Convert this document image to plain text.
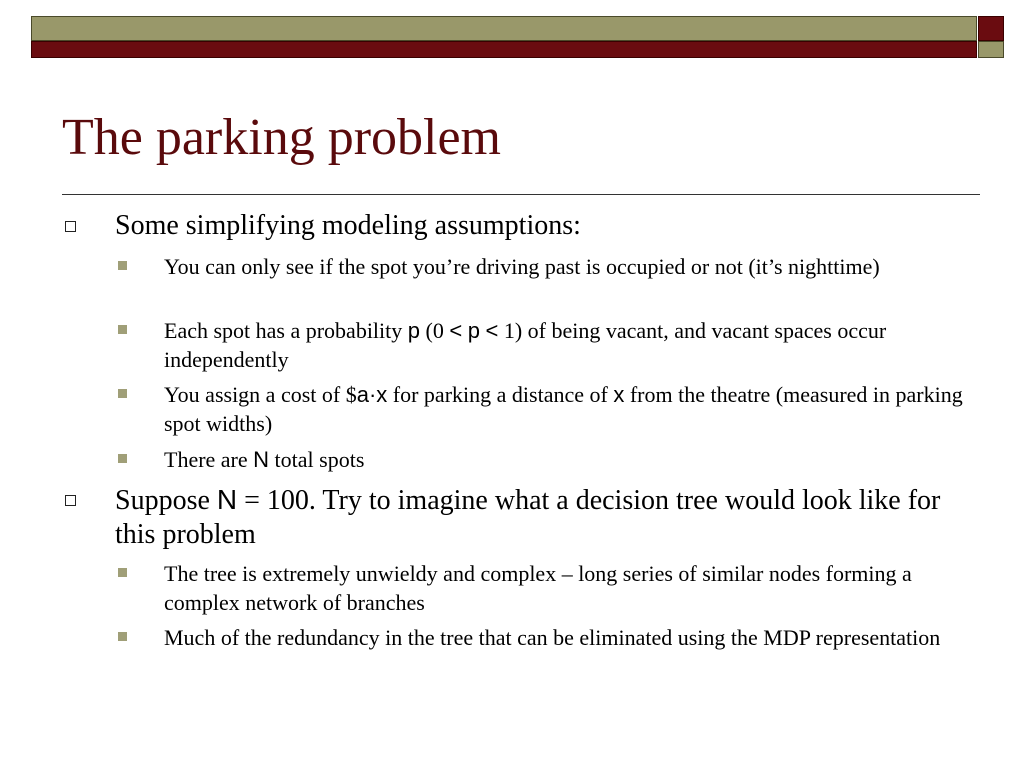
The parking problem
Some simplifying modeling assumptions:
You can only see if the spot you’re driving past is occupied or not (it’s nighttime)
Each spot has a probability p (0 < p < 1) of being vacant, and vacant spaces occur independently
You assign a cost of $a·x for parking a distance of x from the theatre (measured in parking spot widths)
There are N total spots
Suppose N = 100. Try to imagine what a decision tree would look like for this problem
The tree is extremely unwieldy and complex – long series of similar nodes forming a complex network of branches
Much of the redundancy in the tree that can be eliminated using the MDP representation
